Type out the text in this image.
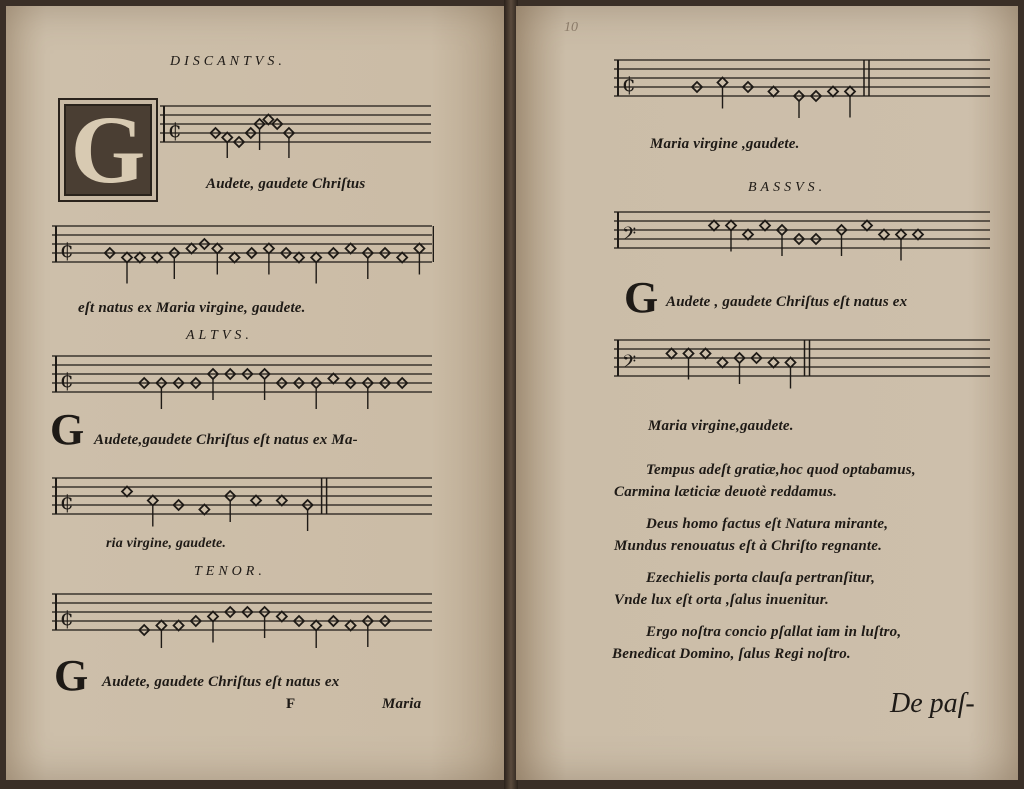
DISCANTVS.
G	¢
Audete, gaudete Chriſtus
¢
eſt natus ex Maria virgine, gaudete.
ALTVS.
¢
G Audete,gaudete Chriſtus eſt natus ex Ma-
¢
ria virgine, gaudete.
TENOR.
¢
G Audete, gaudete Chriſtus eſt natus ex
F	Maria
10
¢
Maria virgine ,gaudete.
BASSVS.
𝄢
G Audete , gaudete Chriſtus eſt natus ex
𝄢
Maria virgine,gaudete.
Tempus adeſt gratiæ,hoc quod optabamus,
Carmina læticiæ deuotè reddamus.
Deus homo factus eſt Natura mirante,
Mundus renouatus eſt à Chriſto regnante.
Ezechielis porta clauſa pertranſitur,
Vnde lux eſt orta ,ſalus inuenitur.
Ergo noſtra concio pſallat iam in luſtro,
Benedicat Domino, ſalus Regi noſtro.
De paſ-
